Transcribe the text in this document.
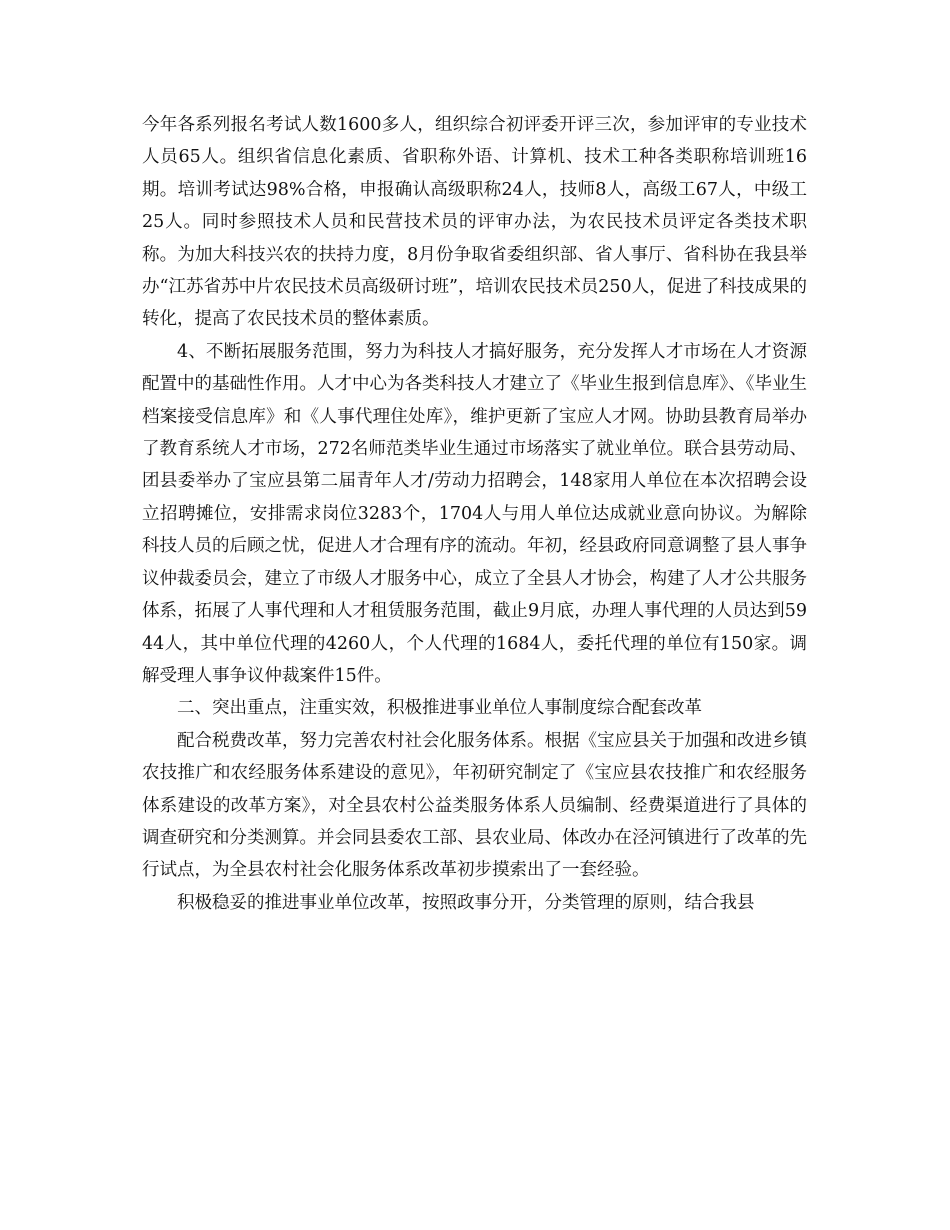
今年各系列报名考试人数1600多人，组织综合初评委开评三次，参加评审的专业技术人员65人。组织省信息化素质、省职称外语、计算机、技术工种各类职称培训班16期。培训考试达98%合格，申报确认高级职称24人，技师8人，高级工67人，中级工25人。同时参照技术人员和民营技术员的评审办法，为农民技术员评定各类技术职称。为加大科技兴农的扶持力度，8月份争取省委组织部、省人事厅、省科协在我县举办“江苏省苏中片农民技术员高级研讨班”，培训农民技术员250人，促进了科技成果的转化，提高了农民技术员的整体素质。

4、不断拓展服务范围，努力为科技人才搞好服务，充分发挥人才市场在人才资源配置中的基础性作用。人才中心为各类科技人才建立了《毕业生报到信息库》、《毕业生档案接受信息库》和《人事代理住处库》，维护更新了宝应人才网。协助县教育局举办了教育系统人才市场，272名师范类毕业生通过市场落实了就业单位。联合县劳动局、团县委举办了宝应县第二届青年人才/劳动力招聘会，148家用人单位在本次招聘会设立招聘摊位，安排需求岗位3283个，1704人与用人单位达成就业意向协议。为解除科技人员的后顾之忧，促进人才合理有序的流动。年初，经县政府同意调整了县人事争议仲裁委员会，建立了市级人才服务中心，成立了全县人才协会，构建了人才公共服务体系，拓展了人事代理和人才租赁服务范围，截止9月底，办理人事代理的人员达到5944人，其中单位代理的4260人，个人代理的1684人，委托代理的单位有150家。调解受理人事争议仲裁案件15件。

二、突出重点，注重实效，积极推进事业单位人事制度综合配套改革

配合税费改革，努力完善农村社会化服务体系。根据《宝应县关于加强和改进乡镇农技推广和农经服务体系建设的意见》，年初研究制定了《宝应县农技推广和农经服务体系建设的改革方案》，对全县农村公益类服务体系人员编制、经费渠道进行了具体的调查研究和分类测算。并会同县委农工部、县农业局、体改办在泾河镇进行了改革的先行试点，为全县农村社会化服务体系改革初步摸索出了一套经验。

积极稳妥的推进事业单位改革，按照政事分开，分类管理的原则，结合我县
